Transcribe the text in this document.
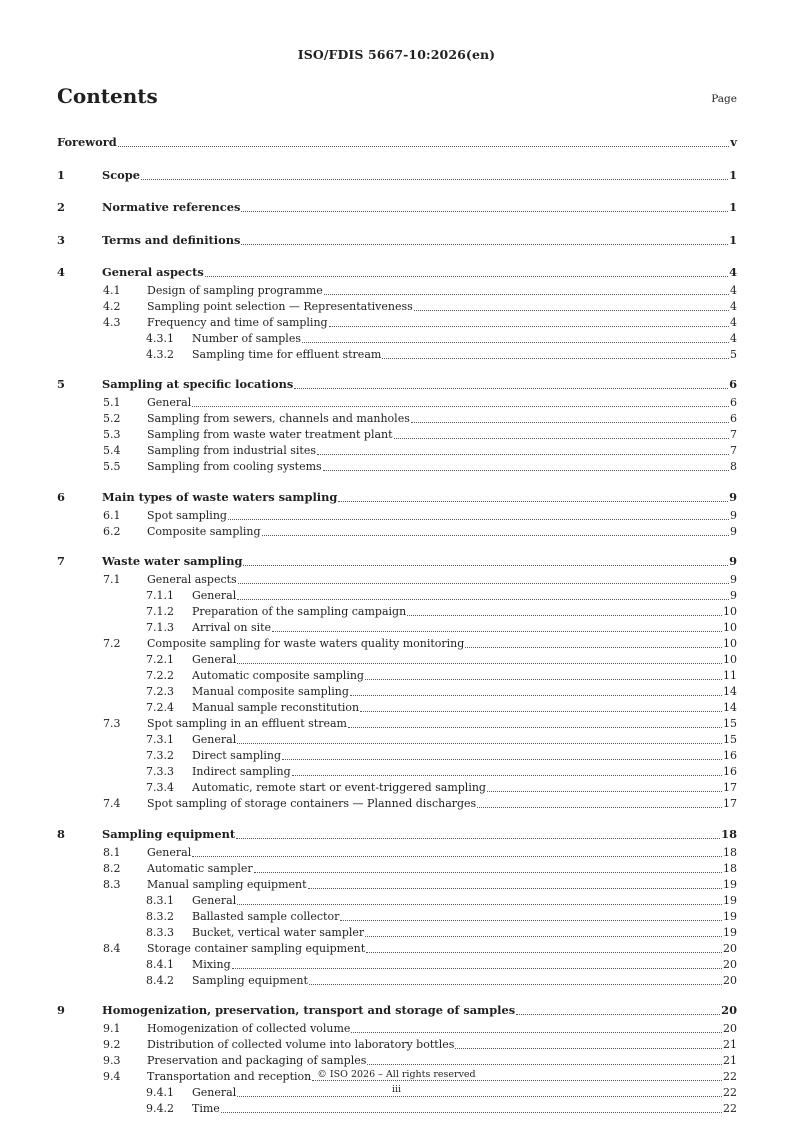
ISO/FDIS 5667-10:2026(en)
Contents	Page
Foreword	v
1	Scope	1
2	Normative references	1
3	Terms and definitions	1
4	General aspects	4
4.1 Design of sampling programme	4
4.2 Sampling point selection — Representativeness	4
4.3 Frequency and time of sampling	4
4.3.1 Number of samples	4
4.3.2 Sampling time for effluent stream	5
5	Sampling at specific locations	6
5.1 General	6
5.2 Sampling from sewers, channels and manholes	6
5.3 Sampling from waste water treatment plant	7
5.4 Sampling from industrial sites	7
5.5 Sampling from cooling systems	8
6	Main types of waste waters sampling	9
6.1 Spot sampling	9
6.2 Composite sampling	9
7	Waste water sampling	9
7.1 General aspects	9
7.1.1 General	9
7.1.2 Preparation of the sampling campaign	10
7.1.3 Arrival on site	10
7.2 Composite sampling for waste waters quality monitoring	10
7.2.1 General	10
7.2.2 Automatic composite sampling	11
7.2.3 Manual composite sampling	14
7.2.4 Manual sample reconstitution	14
7.3 Spot sampling in an effluent stream	15
7.3.1 General	15
7.3.2 Direct sampling	16
7.3.3 Indirect sampling	16
7.3.4 Automatic, remote start or event-triggered sampling	17
7.4 Spot sampling of storage containers — Planned discharges	17
8	Sampling equipment	18
8.1 General	18
8.2 Automatic sampler	18
8.3 Manual sampling equipment	19
8.3.1 General	19
8.3.2 Ballasted sample collector	19
8.3.3 Bucket, vertical water sampler	19
8.4 Storage container sampling equipment	20
8.4.1 Mixing	20
8.4.2 Sampling equipment	20
9	Homogenization, preservation, transport and storage of samples	20
9.1 Homogenization of collected volume	20
9.2 Distribution of collected volume into laboratory bottles	21
9.3 Preservation and packaging of samples	21
9.4 Transportation and reception	22
9.4.1 General	22
9.4.2 Time	22
© ISO 2026 – All rights reserved
iii
